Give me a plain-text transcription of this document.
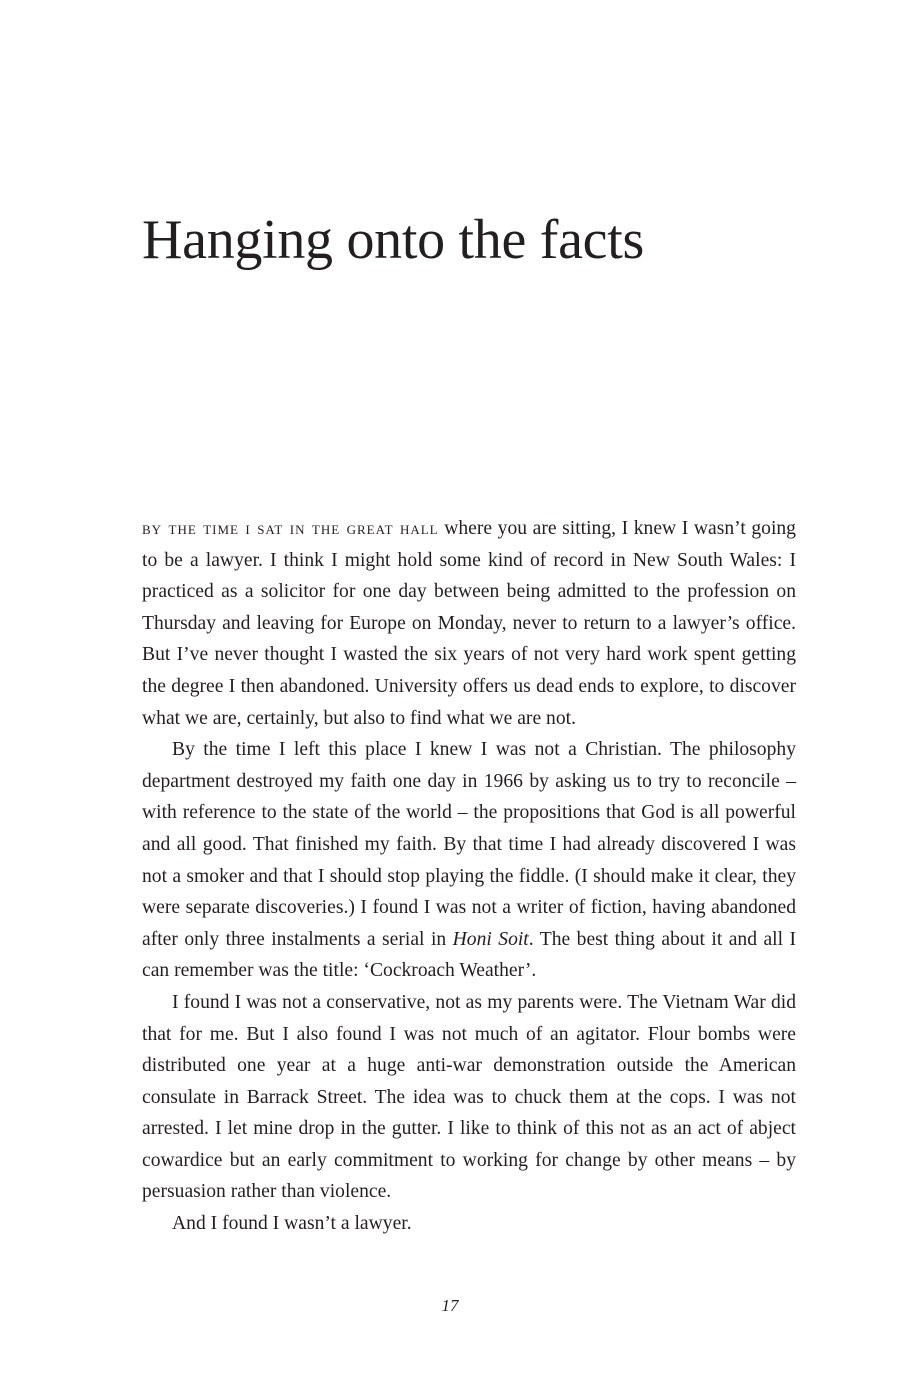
Hanging onto the facts

by the time i sat in the great hall where you are sitting, I knew I wasn’t going to be a lawyer. I think I might hold some kind of record in New South Wales: I practiced as a solicitor for one day between being admitted to the profession on Thursday and leaving for Europe on Monday, never to return to a lawyer’s office. But I’ve never thought I wasted the six years of not very hard work spent getting the degree I then abandoned. University offers us dead ends to explore, to discover what we are, certainly, but also to find what we are not.

By the time I left this place I knew I was not a Christian. The philosophy department destroyed my faith one day in 1966 by asking us to try to reconcile – with reference to the state of the world – the propositions that God is all powerful and all good. That finished my faith. By that time I had already discovered I was not a smoker and that I should stop playing the fiddle. (I should make it clear, they were separate discoveries.) I found I was not a writer of fiction, having abandoned after only three instalments a serial in Honi Soit. The best thing about it and all I can remember was the title: ‘Cockroach Weather’.

I found I was not a conservative, not as my parents were. The Vietnam War did that for me. But I also found I was not much of an agitator. Flour bombs were distributed one year at a huge anti-war demonstration outside the American consulate in Barrack Street. The idea was to chuck them at the cops. I was not arrested. I let mine drop in the gutter. I like to think of this not as an act of abject cowardice but an early commitment to working for change by other means – by persuasion rather than violence.

And I found I wasn’t a lawyer.

17
